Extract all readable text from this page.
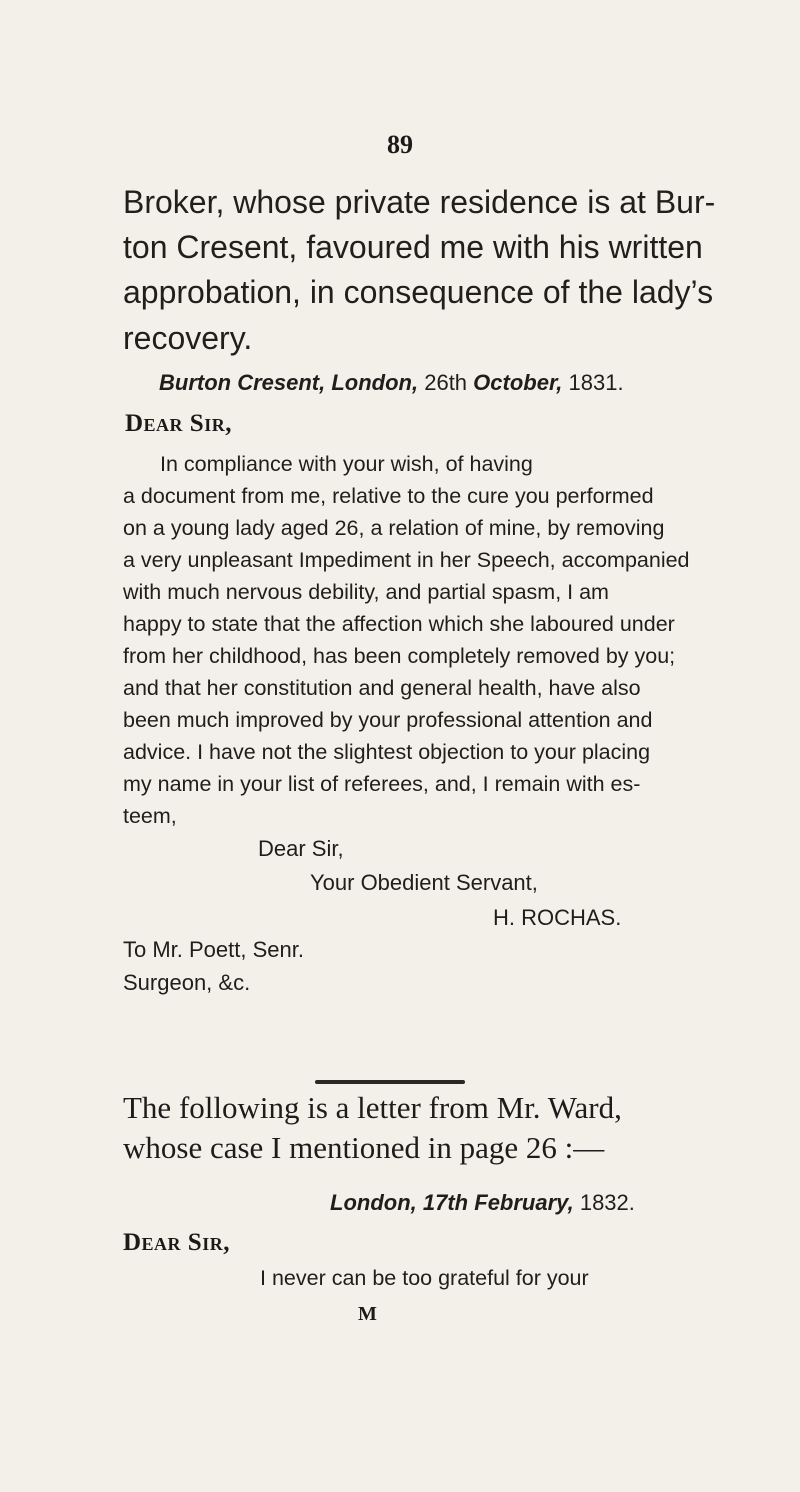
89
Broker, whose private residence is at Bur-
ton Cresent, favoured me with his written
approbation, in consequence of the lady’s
recovery.
Burton Cresent, London, 26th October, 1831.
Dear Sir,
In compliance with your wish, of having
a document from me, relative to the cure you performed
on a young lady aged 26, a relation of mine, by removing
a very unpleasant Impediment in her Speech, accompanied
with much nervous debility, and partial spasm, I am
happy to state that the affection which she laboured under
from her childhood, has been completely removed by you;
and that her constitution and general health, have also
been much improved by your professional attention and
advice. I have not the slightest objection to your placing
my name in your list of referees, and, I remain with es-
teem,
Dear Sir,
Your Obedient Servant,
H. ROCHAS.
To Mr. Poett, Senr.
Surgeon, &c.
The following is a letter from Mr. Ward,
whose case I mentioned in page 26 :—
London, 17th February, 1832.
Dear Sir,
I never can be too grateful for your
M
